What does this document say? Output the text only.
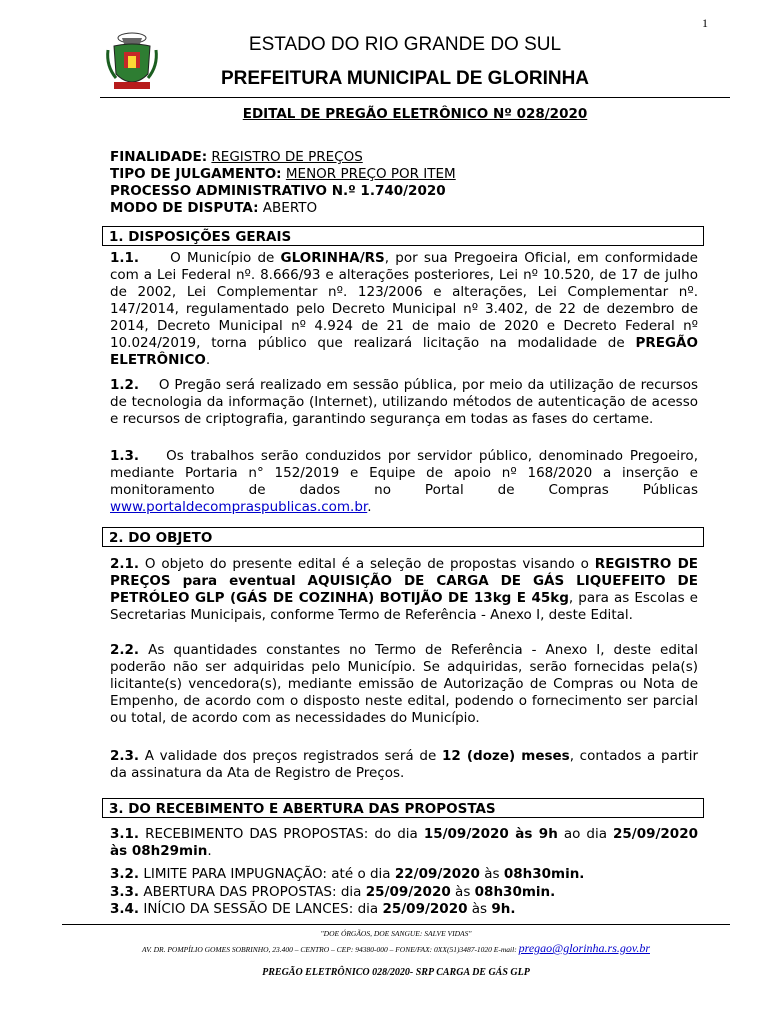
1
ESTADO DO RIO GRANDE DO SUL
PREFEITURA MUNICIPAL DE GLORINHA
EDITAL DE PREGÃO ELETRÔNICO Nº 028/2020
FINALIDADE: REGISTRO DE PREÇOS
TIPO DE JULGAMENTO: MENOR PREÇO POR ITEM
PROCESSO ADMINISTRATIVO N.º 1.740/2020
MODO DE DISPUTA: ABERTO
1. DISPOSIÇÕES GERAIS
1.1. O Município de GLORINHA/RS, por sua Pregoeira Oficial, em conformidade com a Lei Federal nº. 8.666/93 e alterações posteriores, Lei nº 10.520, de 17 de julho de 2002, Lei Complementar nº. 123/2006 e alterações, Lei Complementar nº. 147/2014, regulamentado pelo Decreto Municipal nº 3.402, de 22 de dezembro de 2014, Decreto Municipal nº 4.924 de 21 de maio de 2020 e Decreto Federal nº 10.024/2019, torna público que realizará licitação na modalidade de PREGÃO ELETRÔNICO.
1.2. O Pregão será realizado em sessão pública, por meio da utilização de recursos de tecnologia da informação (Internet), utilizando métodos de autenticação de acesso e recursos de criptografia, garantindo segurança em todas as fases do certame.
1.3. Os trabalhos serão conduzidos por servidor público, denominado Pregoeiro, mediante Portaria n° 152/2019 e Equipe de apoio nº 168/2020 a inserção e monitoramento de dados no Portal de Compras Públicas www.portaldecompraspublicas.com.br.
2. DO OBJETO
2.1. O objeto do presente edital é a seleção de propostas visando o REGISTRO DE PREÇOS para eventual AQUISIÇÃO DE CARGA DE GÁS LIQUEFEITO DE PETRÓLEO GLP (GÁS DE COZINHA) BOTIJÃO DE 13kg E 45kg, para as Escolas e Secretarias Municipais, conforme Termo de Referência - Anexo I, deste Edital.
2.2. As quantidades constantes no Termo de Referência - Anexo I, deste edital poderão não ser adquiridas pelo Município. Se adquiridas, serão fornecidas pela(s) licitante(s) vencedora(s), mediante emissão de Autorização de Compras ou Nota de Empenho, de acordo com o disposto neste edital, podendo o fornecimento ser parcial ou total, de acordo com as necessidades do Município.
2.3. A validade dos preços registrados será de 12 (doze) meses, contados a partir da assinatura da Ata de Registro de Preços.
3. DO RECEBIMENTO E ABERTURA DAS PROPOSTAS
3.1. RECEBIMENTO DAS PROPOSTAS: do dia 15/09/2020 às 9h ao dia 25/09/2020 às 08h29min.
3.2. LIMITE PARA IMPUGNAÇÃO: até o dia 22/09/2020 às 08h30min.
3.3. ABERTURA DAS PROPOSTAS: dia 25/09/2020 às 08h30min.
3.4. INÍCIO DA SESSÃO DE LANCES: dia 25/09/2020 às 9h.
"DOE ÓRGÃOS, DOE SANGUE: SALVE VIDAS"
AV. DR. POMPÍLIO GOMES SOBRINHO, 23.400 – CENTRO – CEP: 94380-000 – FONE/FAX: 0XX(51)3487-1020 E-mail: pregao@glorinha.rs.gov.br
PREGÃO ELETRÔNICO 028/2020- SRP CARGA DE GÁS GLP
